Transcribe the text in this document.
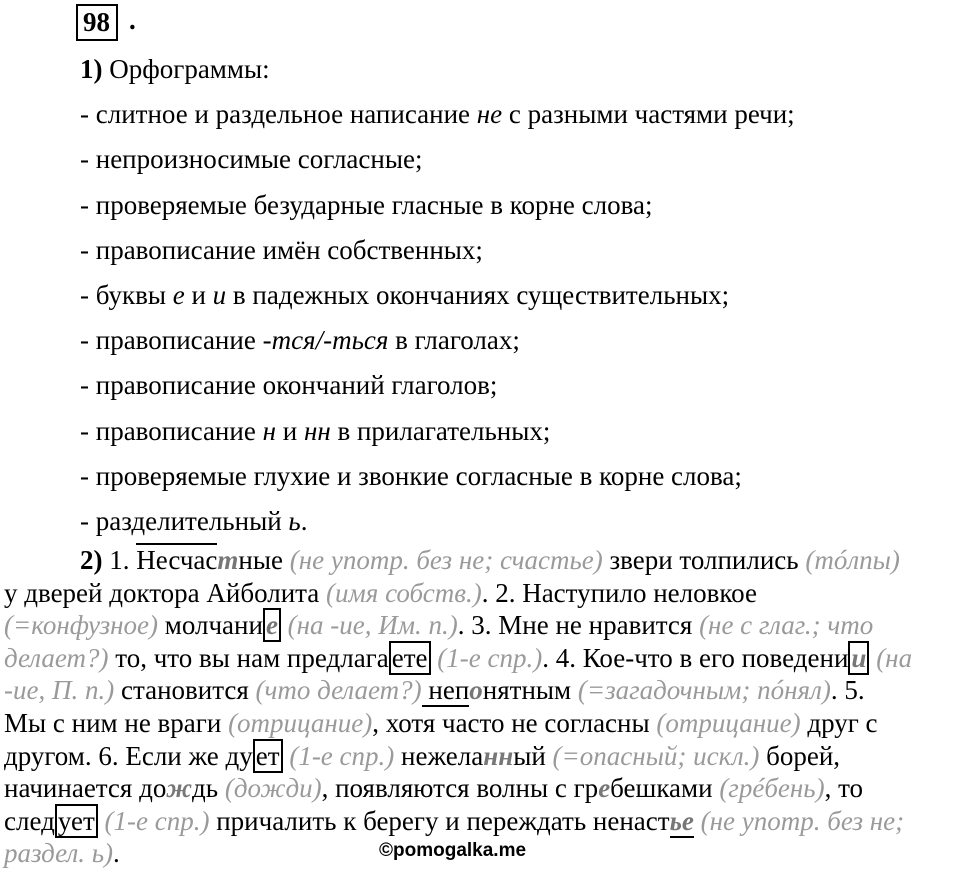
98 .
1) Орфограммы:
- слитное и раздельное написание не с разными частями речи;
- непроизносимые согласные;
- проверяемые безударные гласные в корне слова;
- правописание имён собственных;
- буквы е и и в падежных окончаниях существительных;
- правописание -тся/-ться в глаголах;
- правописание окончаний глаголов;
- правописание н и нн в прилагательных;
- проверяемые глухие и звонкие согласные в корне слова;
- разделительный ь.
2) 1. Несчастные (не употр. без не; счастье) звери толпились (тóлпы)
у дверей доктора Айболита (имя собств.). 2. Наступило неловкое
(=конфузное) молчани е (на -ие, Им. п.). 3. Мне не нравится (не с глаг.; что
делает?) то, что вы нам предлага ете (1-е спр.). 4. Кое-что в его поведени и (на
-ие, П. п.) становится (что делает?) непонятным (=загадочным; пóнял). 5.
Мы с ним не враги (отрицание), хотя часто не согласны (отрицание) друг с
другом. 6. Если же ду ет (1-е спр.) нежеланный (=опасный; искл.) борей,
начинается дождь (дожди), появляются волны с гребешками (грéбень), то
след ует (1-е спр.) причалить к берегу и переждать ненастье (не употр. без не;
раздел. ь).	©pomogalka.me
